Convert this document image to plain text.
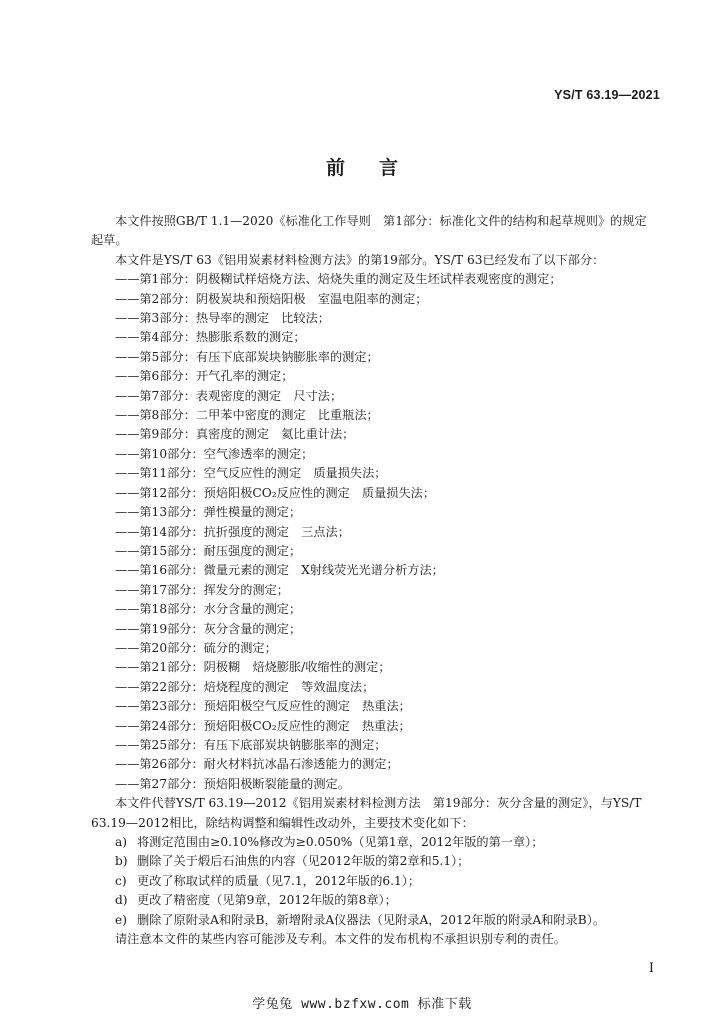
YS/T 63.19—2021
前言

本文件按照GB/T 1.1—2020《标准化工作导则　第1部分：标准化文件的结构和起草规则》的规定

起草。

本文件是YS/T 63《铝用炭素材料检测方法》的第19部分。YS/T 63已经发布了以下部分：

——第1部分：阴极糊试样焙烧方法、焙烧失重的测定及生坯试样表观密度的测定；

——第2部分：阴极炭块和预焙阳极　室温电阻率的测定；

——第3部分：热导率的测定　比较法；

——第4部分：热膨胀系数的测定；

——第5部分：有压下底部炭块钠膨胀率的测定；

——第6部分：开气孔率的测定；

——第7部分：表观密度的测定　尺寸法；

——第8部分：二甲苯中密度的测定　比重瓶法；

——第9部分：真密度的测定　氦比重计法；

——第10部分：空气渗透率的测定；

——第11部分：空气反应性的测定　质量损失法；

——第12部分：预焙阳极CO₂反应性的测定　质量损失法；

——第13部分：弹性模量的测定；

——第14部分：抗折强度的测定　三点法；

——第15部分：耐压强度的测定；

——第16部分：微量元素的测定　X射线荧光光谱分析方法；

——第17部分：挥发分的测定；

——第18部分：水分含量的测定；

——第19部分：灰分含量的测定；

——第20部分：硫分的测定；

——第21部分：阴极糊　焙烧膨胀/收缩性的测定；

——第22部分：焙烧程度的测定　等效温度法；

——第23部分：预焙阳极空气反应性的测定　热重法；

——第24部分：预焙阳极CO₂反应性的测定　热重法；

——第25部分：有压下底部炭块钠膨胀率的测定；

——第26部分：耐火材料抗冰晶石渗透能力的测定；

——第27部分：预焙阳极断裂能量的测定。

本文件代替YS/T 63.19—2012《铝用炭素材料检测方法　第19部分：灰分含量的测定》，与YS/T

63.19—2012相比，除结构调整和编辑性改动外，主要技术变化如下：

a) 将测定范围由≥0.10%修改为≥0.050%（见第1章，2012年版的第一章）；

b) 删除了关于煅后石油焦的内容（见2012年版的第2章和5.1）；

c) 更改了称取试样的质量（见7.1，2012年版的6.1）；

d) 更改了精密度（见第9章，2012年版的第8章）；

e) 删除了原附录A和附录B，新增附录A仪器法（见附录A，2012年版的附录A和附录B）。

请注意本文件的某些内容可能涉及专利。本文件的发布机构不承担识别专利的责任。

I
学兔兔 www.bzfxw.com 标准下载
